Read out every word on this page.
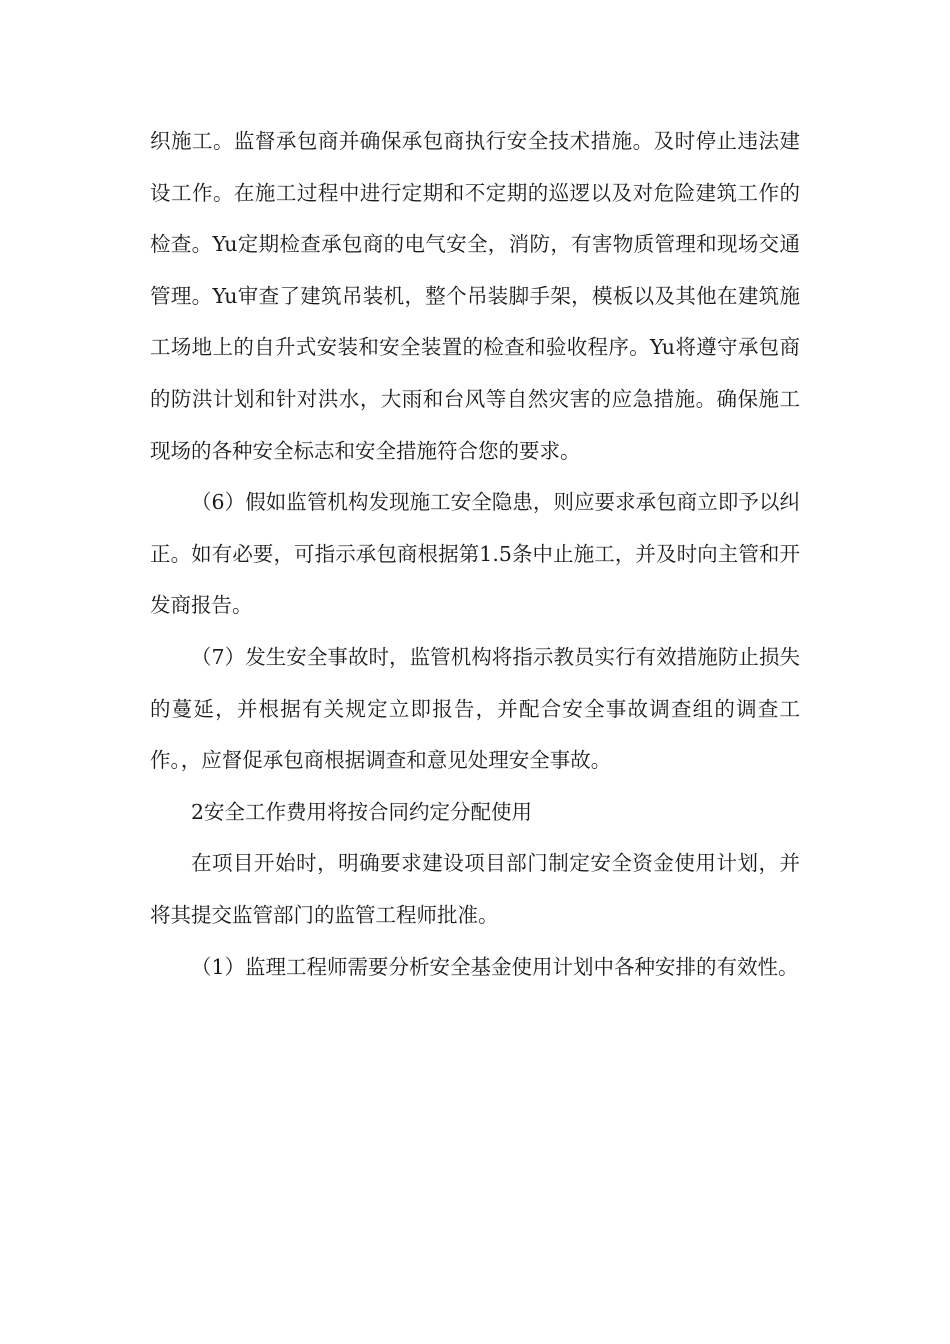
织施工。监督承包商并确保承包商执行安全技术措施。及时停止违法建设工作。在施工过程中进行定期和不定期的巡逻以及对危险建筑工作的检查。Yu定期检查承包商的电气安全，消防，有害物质管理和现场交通管理。Yu审查了建筑吊装机，整个吊装脚手架，模板以及其他在建筑施工场地上的自升式安装和安全装置的检查和验收程序。Yu将遵守承包商的防洪计划和针对洪水，大雨和台风等自然灾害的应急措施。确保施工现场的各种安全标志和安全措施符合您的要求。

（6）假如监管机构发现施工安全隐患，则应要求承包商立即予以纠正。如有必要，可指示承包商根据第1.5条中止施工，并及时向主管和开发商报告。

（7）发生安全事故时，监管机构将指示教员实行有效措施防止损失的蔓延，并根据有关规定立即报告，并配合安全事故调查组的调查工作。，应督促承包商根据调查和意见处理安全事故。

2安全工作费用将按合同约定分配使用

在项目开始时，明确要求建设项目部门制定安全资金使用计划，并将其提交监管部门的监管工程师批准。

（1）监理工程师需要分析安全基金使用计划中各种安排的有效性。
